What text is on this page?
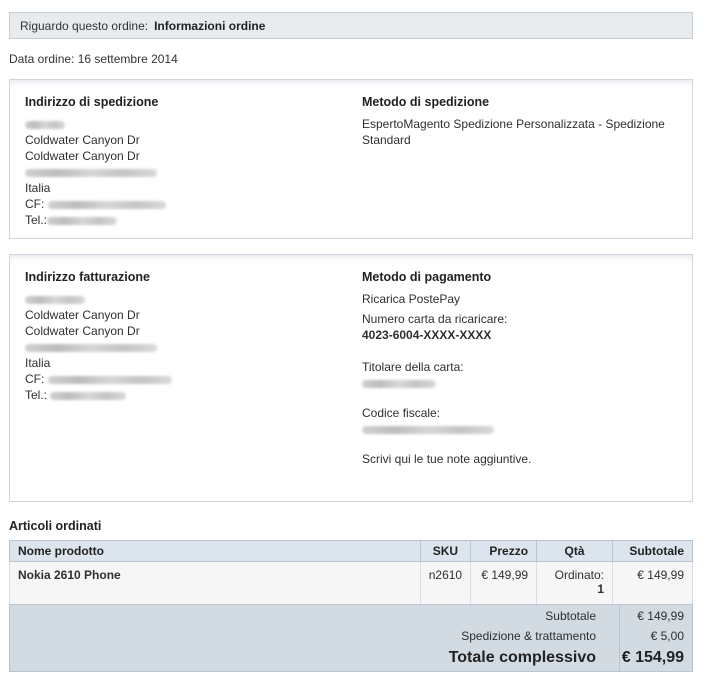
Riguardo questo ordine: Informazioni ordine
Data ordine: 16 settembre 2014
Indirizzo di spedizione
Coldwater Canyon Dr
Coldwater Canyon Dr
Italia
CF:
Tel.:
Metodo di spedizione
EspertoMagento Spedizione Personalizzata - Spedizione
Standard
Indirizzo fatturazione
Coldwater Canyon Dr
Coldwater Canyon Dr
Italia
CF:
Tel.:
Metodo di pagamento
Ricarica PostePay
Numero carta da ricaricare:
4023-6004-XXXX-XXXX
Titolare della carta:
Codice fiscale:
Scrivi qui le tue note aggiuntive.
Articoli ordinati
Nome prodotto	SKU	Prezzo	Qtà	Subtotale
Nokia 2610 Phone	n2610	€ 149,99	Ordinato: 1	€ 149,99
Subtotale	€ 149,99
Spedizione & trattamento	€ 5,00
Totale complessivo € 154,99
